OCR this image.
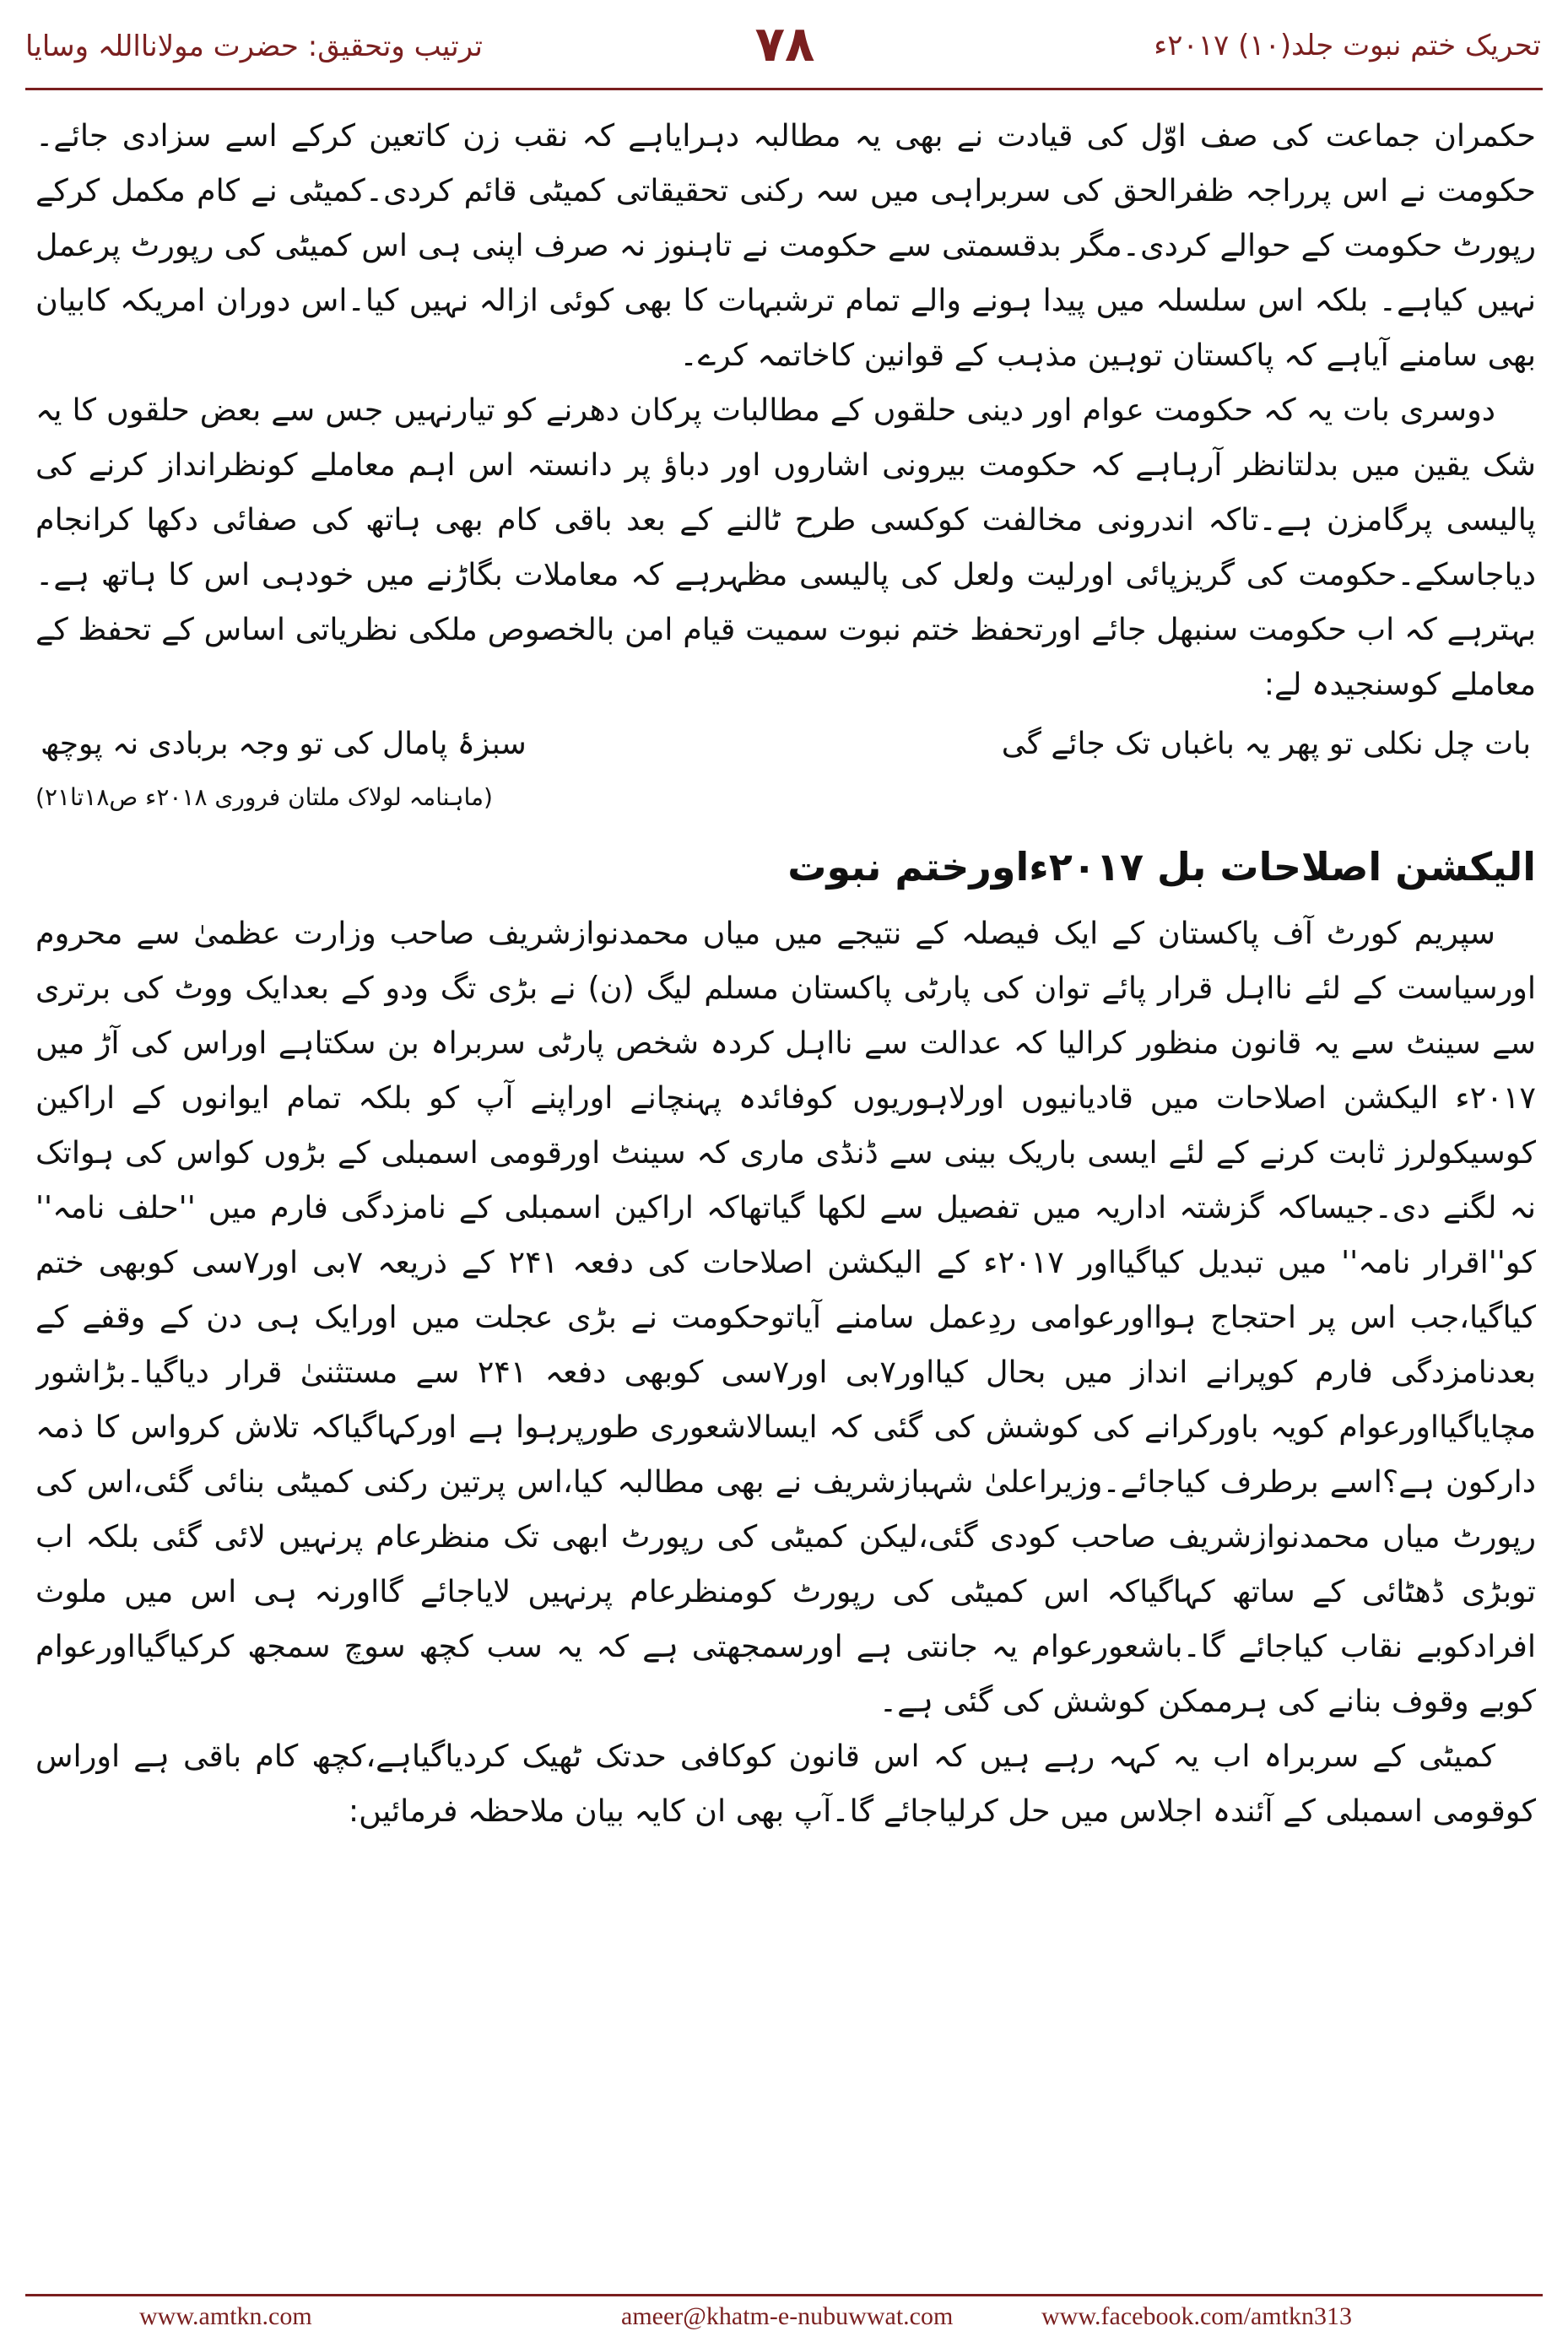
تحریک ختم نبوت جلد(۱۰) ۲۰۱۷ء
۷۸
ترتیب وتحقیق: حضرت مولانااللہ وسایا

حکمران جماعت کی صف اوّل کی قیادت نے بھی یہ مطالبہ دہرایاہے کہ نقب زن کاتعین کرکے اسے سزادی جائے۔حکومت نے اس پرراجہ ظفرالحق کی سربراہی میں سہ رکنی تحقیقاتی کمیٹی قائم کردی۔کمیٹی نے کام مکمل کرکے رپورٹ حکومت کے حوالے کردی۔مگر بدقسمتی سے حکومت نے تاہنوز نہ صرف اپنی ہی اس کمیٹی کی رپورٹ پرعمل نہیں کیاہے۔ بلکہ اس سلسلہ میں پیدا ہونے والے تمام ترشبہات کا بھی کوئی ازالہ نہیں کیا۔اس دوران امریکہ کابیان بھی سامنے آیاہے کہ پاکستان توہین مذہب کے قوانین کاخاتمہ کرے۔

دوسری بات یہ کہ حکومت عوام اور دینی حلقوں کے مطالبات پرکان دھرنے کو تیارنہیں جس سے بعض حلقوں کا یہ شک یقین میں بدلتانظر آرہاہے کہ حکومت بیرونی اشاروں اور دباؤ پر دانستہ اس اہم معاملے کونظرانداز کرنے کی پالیسی پرگامزن ہے۔تاکہ اندرونی مخالفت کوکسی طرح ٹالنے کے بعد باقی کام بھی ہاتھ کی صفائی دکھا کرانجام دیاجاسکے۔حکومت کی گریزپائی اورلیت ولعل کی پالیسی مظہرہے کہ معاملات بگاڑنے میں خودہی اس کا ہاتھ ہے۔بہترہے کہ اب حکومت سنبھل جائے اورتحفظ ختم نبوت سمیت قیام امن بالخصوص ملکی نظریاتی اساس کے تحفظ کے معاملے کوسنجیدہ لے:

بات چل نکلی تو پھر یہ باغباں تک جائے گی
سبزۂ پامال کی تو وجہ بربادی نہ پوچھ
(ماہنامہ لولاک ملتان فروری ۲۰۱۸ء ص۱۸تا۲۱)
الیکشن اصلاحات بل ۲۰۱۷ءاورختم نبوت

سپریم کورٹ آف پاکستان کے ایک فیصلہ کے نتیجے میں میاں محمدنوازشریف صاحب وزارت عظمیٰ سے محروم اورسیاست کے لئے نااہل قرار پائے توان کی پارٹی پاکستان مسلم لیگ (ن) نے بڑی تگ ودو کے بعدایک ووٹ کی برتری سے سینٹ سے یہ قانون منظور کرالیا کہ عدالت سے نااہل کردہ شخص پارٹی سربراہ بن سکتاہے اوراس کی آڑ میں ۲۰۱۷ء الیکشن اصلاحات میں قادیانیوں اورلاہوریوں کوفائدہ پہنچانے اوراپنے آپ کو بلکہ تمام ایوانوں کے اراکین کوسیکولرز ثابت کرنے کے لئے ایسی باریک بینی سے ڈنڈی ماری کہ سینٹ اورقومی اسمبلی کے بڑوں کواس کی ہواتک نہ لگنے دی۔جیساکہ گزشتہ اداریہ میں تفصیل سے لکھا گیاتھاکہ اراکین اسمبلی کے نامزدگی فارم میں ''حلف نامہ'' کو''اقرار نامہ'' میں تبدیل کیاگیااور ۲۰۱۷ء کے الیکشن اصلاحات کی دفعہ ۲۴۱ کے ذریعہ ۷بی اور۷سی کوبھی ختم کیاگیا،جب اس پر احتجاج ہوااورعوامی ردِعمل سامنے آیاتوحکومت نے بڑی عجلت میں اورایک ہی دن کے وقفے کے بعدنامزدگی فارم کوپرانے انداز میں بحال کیااور۷بی اور۷سی کوبھی دفعہ ۲۴۱ سے مستثنیٰ قرار دیاگیا۔بڑاشور مچایاگیااورعوام کویہ باورکرانے کی کوشش کی گئی کہ ایسالاشعوری طورپرہوا ہے اورکہاگیاکہ تلاش کرواس کا ذمہ دارکون ہے؟اسے برطرف کیاجائے۔وزیراعلیٰ شہبازشریف نے بھی مطالبہ کیا،اس پرتین رکنی کمیٹی بنائی گئی،اس کی رپورٹ میاں محمدنوازشریف صاحب کودی گئی،لیکن کمیٹی کی رپورٹ ابھی تک منظرعام پرنہیں لائی گئی بلکہ اب توبڑی ڈھٹائی کے ساتھ کہاگیاکہ اس کمیٹی کی رپورٹ کومنظرعام پرنہیں لایاجائے گااورنہ ہی اس میں ملوث افرادکوبے نقاب کیاجائے گا۔باشعورعوام یہ جانتی ہے اورسمجھتی ہے کہ یہ سب کچھ سوچ سمجھ کرکیاگیااورعوام کوبے وقوف بنانے کی ہرممکن کوشش کی گئی ہے۔

کمیٹی کے سربراہ اب یہ کہہ رہے ہیں کہ اس قانون کوکافی حدتک ٹھیک کردیاگیاہے،کچھ کام باقی ہے اوراس کوقومی اسمبلی کے آئندہ اجلاس میں حل کرلیاجائے گا۔آپ بھی ان کایہ بیان ملاحظہ فرمائیں:

www.amtkn.com	ameer@khatm-e-nubuwwat.com	www.facebook.com/amtkn313
